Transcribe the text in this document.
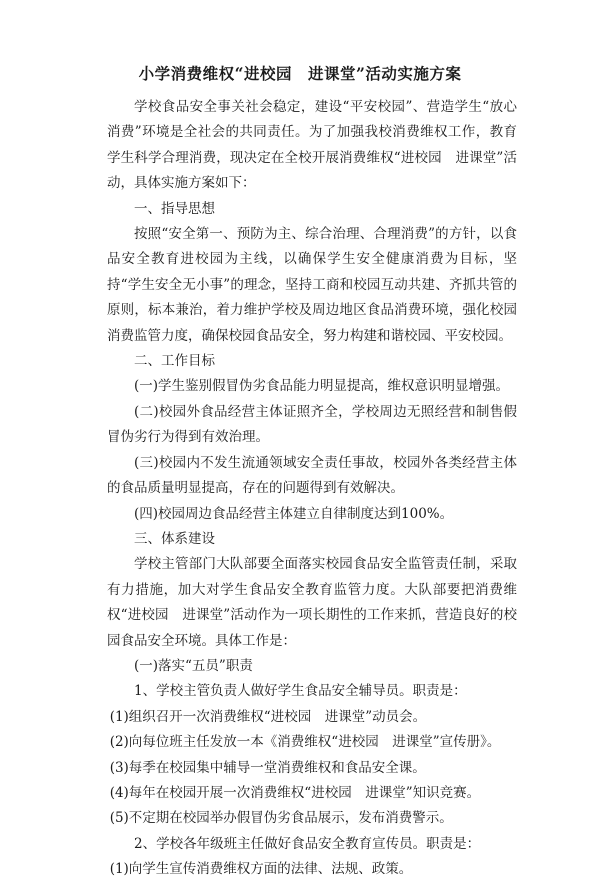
小学消费维权“进校园　进课堂”活动实施方案

学校食品安全事关社会稳定，建设“平安校园”、营造学生“放心消费”环境是全社会的共同责任。为了加强我校消费维权工作，教育学生科学合理消费，现决定在全校开展消费维权“进校园　进课堂”活动，具体实施方案如下：

一、指导思想

按照“安全第一、预防为主、综合治理、合理消费”的方针，以食品安全教育进校园为主线，以确保学生安全健康消费为目标，坚持“学生安全无小事”的理念，坚持工商和校园互动共建、齐抓共管的原则，标本兼治，着力维护学校及周边地区食品消费环境，强化校园消费监管力度，确保校园食品安全，努力构建和谐校园、平安校园。

二、工作目标

(一)学生鉴别假冒伪劣食品能力明显提高，维权意识明显增强。

(二)校园外食品经营主体证照齐全，学校周边无照经营和制售假冒伪劣行为得到有效治理。

(三)校园内不发生流通领域安全责任事故，校园外各类经营主体的食品质量明显提高，存在的问题得到有效解决。

(四)校园周边食品经营主体建立自律制度达到100%。

三、体系建设

学校主管部门大队部要全面落实校园食品安全监管责任制，采取有力措施，加大对学生食品安全教育监管力度。大队部要把消费维权“进校园　进课堂”活动作为一项长期性的工作来抓，营造良好的校园食品安全环境。具体工作是：

(一)落实“五员”职责

1、学校主管负责人做好学生食品安全辅导员。职责是：

(1)组织召开一次消费维权“进校园　进课堂”动员会。

(2)向每位班主任发放一本《消费维权“进校园　进课堂”宣传册》。

(3)每季在校园集中辅导一堂消费维权和食品安全课。

(4)每年在校园开展一次消费维权“进校园　进课堂”知识竞赛。

(5)不定期在校园举办假冒伪劣食品展示，发布消费警示。

2、学校各年级班主任做好食品安全教育宣传员。职责是：

(1)向学生宣传消费维权方面的法律、法规、政策。
